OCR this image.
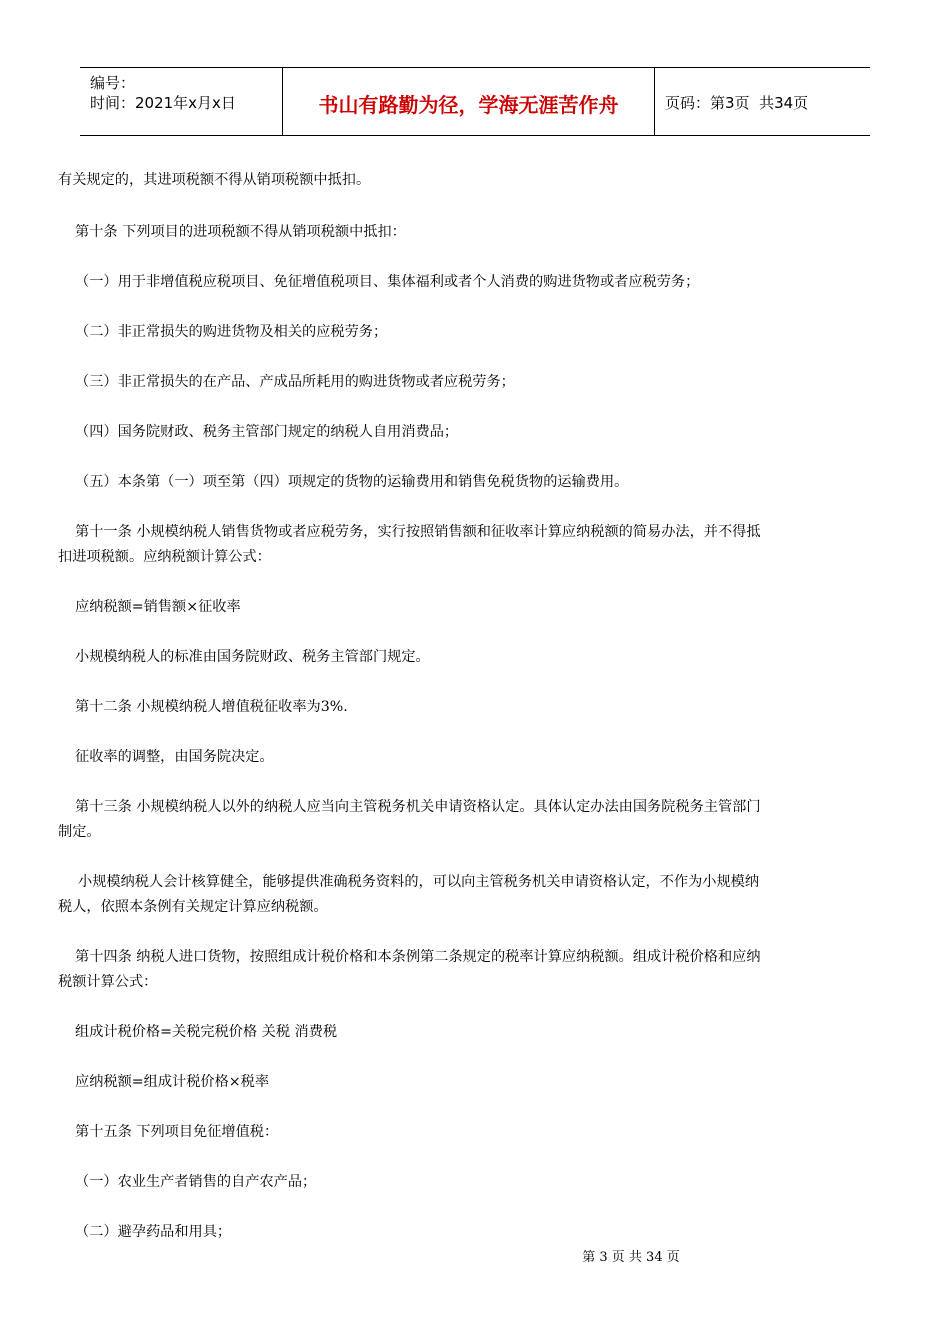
编号：
时间：2021年x月x日	书山有路勤为径，学海无涯苦作舟	页码：第3页  共34页

有关规定的，其进项税额不得从销项税额中抵扣。

第十条 下列项目的进项税额不得从销项税额中抵扣：

（一）用于非增值税应税项目、免征增值税项目、集体福利或者个人消费的购进货物或者应税劳务；

（二）非正常损失的购进货物及相关的应税劳务；

（三）非正常损失的在产品、产成品所耗用的购进货物或者应税劳务；

（四）国务院财政、税务主管部门规定的纳税人自用消费品；

（五）本条第（一）项至第（四）项规定的货物的运输费用和销售免税货物的运输费用。

第十一条 小规模纳税人销售货物或者应税劳务，实行按照销售额和征收率计算应纳税额的简易办法，并不得抵

扣进项税额。应纳税额计算公式：

应纳税额=销售额×征收率

小规模纳税人的标准由国务院财政、税务主管部门规定。

第十二条 小规模纳税人增值税征收率为3%.

征收率的调整，由国务院决定。

第十三条 小规模纳税人以外的纳税人应当向主管税务机关申请资格认定。具体认定办法由国务院税务主管部门

制定。

小规模纳税人会计核算健全，能够提供准确税务资料的，可以向主管税务机关申请资格认定，不作为小规模纳

税人，依照本条例有关规定计算应纳税额。

第十四条 纳税人进口货物，按照组成计税价格和本条例第二条规定的税率计算应纳税额。组成计税价格和应纳

税额计算公式：

组成计税价格=关税完税价格 关税 消费税

应纳税额=组成计税价格×税率

第十五条 下列项目免征增值税：

（一）农业生产者销售的自产农产品；

（二）避孕药品和用具；

第 3 页 共 34 页
